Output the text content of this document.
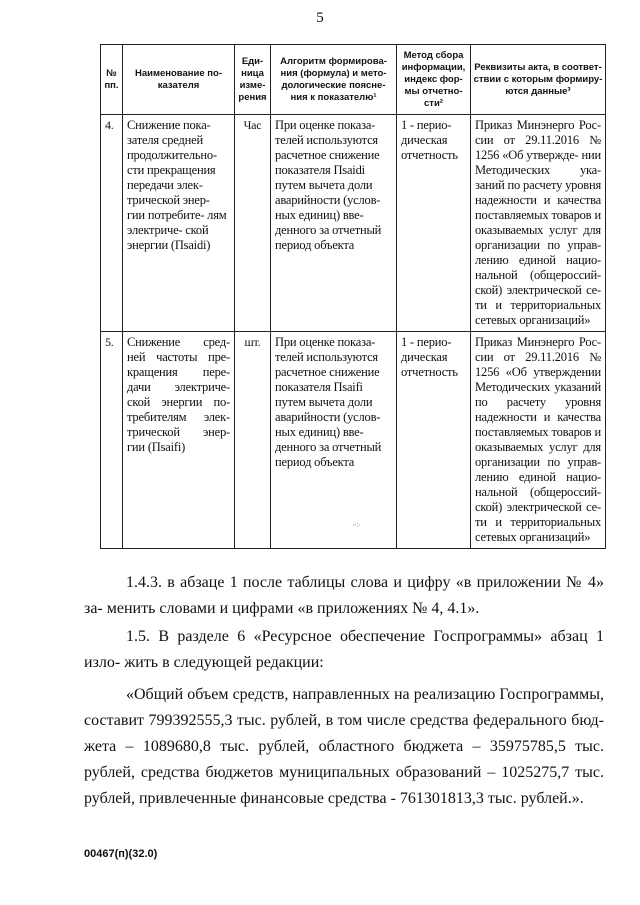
5
№ пп.	Наименование по- казателя	Еди- ница изме- рения	Алгоритм формирова- ния (формула) и мето- дологические поясне- ния к показателю¹	Метод сбора информации, индекс фор- мы отчетно- сти²	Реквизиты акта, в соответ- ствии с которым формиру- ются данные³
4.	Снижение пока- зателя средней продолжительно- сти прекращения передачи элек- трической энер- гии потребите- лям электриче- ской энергии (Пsaidi)	Час	При оценке показа- телей используются расчетное снижение показателя Пsaidi путем вычета доли аварийности (услов- ных единиц) вве- денного за отчетный период объекта	1 - перио- дическая отчетность	Приказ Минэнерго Рос- сии от 29.11.2016 № 1256 «Об утвержде- нии Методических ука- заний по расчету уровня надежности и качества поставляемых товаров и оказываемых услуг для организации по управ- лению единой нацио- нальной (общероссий- ской) электрической се- ти и территориальных сетевых организаций»
5.	Снижение сред- ней частоты пре- кращения пере- дачи электриче- ской энергии по- требителям элек- трической энер- гии (Пsaifi)	шт.	При оценке показа- телей используются расчетное снижение показателя Пsaifi путем вычета доли аварийности (услов- ных единиц) вве- денного за отчетный период объекта	1 - перио- дическая отчетность	Приказ Минэнерго Рос- сии от 29.11.2016 № 1256 «Об утверждении Методических указаний по расчету уровня надежности и качества поставляемых товаров и оказываемых услуг для организации по управ- лению единой нацио- нальной (общероссий- ской) электрической се- ти и территориальных сетевых организаций»
·⁖·
1.4.3. в абзаце 1 после таблицы слова и цифру «в приложении № 4» за- менить словами и цифрами «в приложениях № 4, 4.1».
1.5. В разделе 6 «Ресурсное обеспечение Госпрограммы» абзац 1 изло- жить в следующей редакции:
«Общий объем средств, направленных на реализацию Госпрограммы, составит 799392555,3 тыс. рублей, в том числе средства федерального бюд- жета – 1089680,8 тыс. рублей, областного бюджета – 35975785,5 тыс. рублей, средства бюджетов муниципальных образований – 1025275,7 тыс. рублей, привлеченные финансовые средства - 761301813,3 тыс. рублей.».
00467(п)(32.0)
